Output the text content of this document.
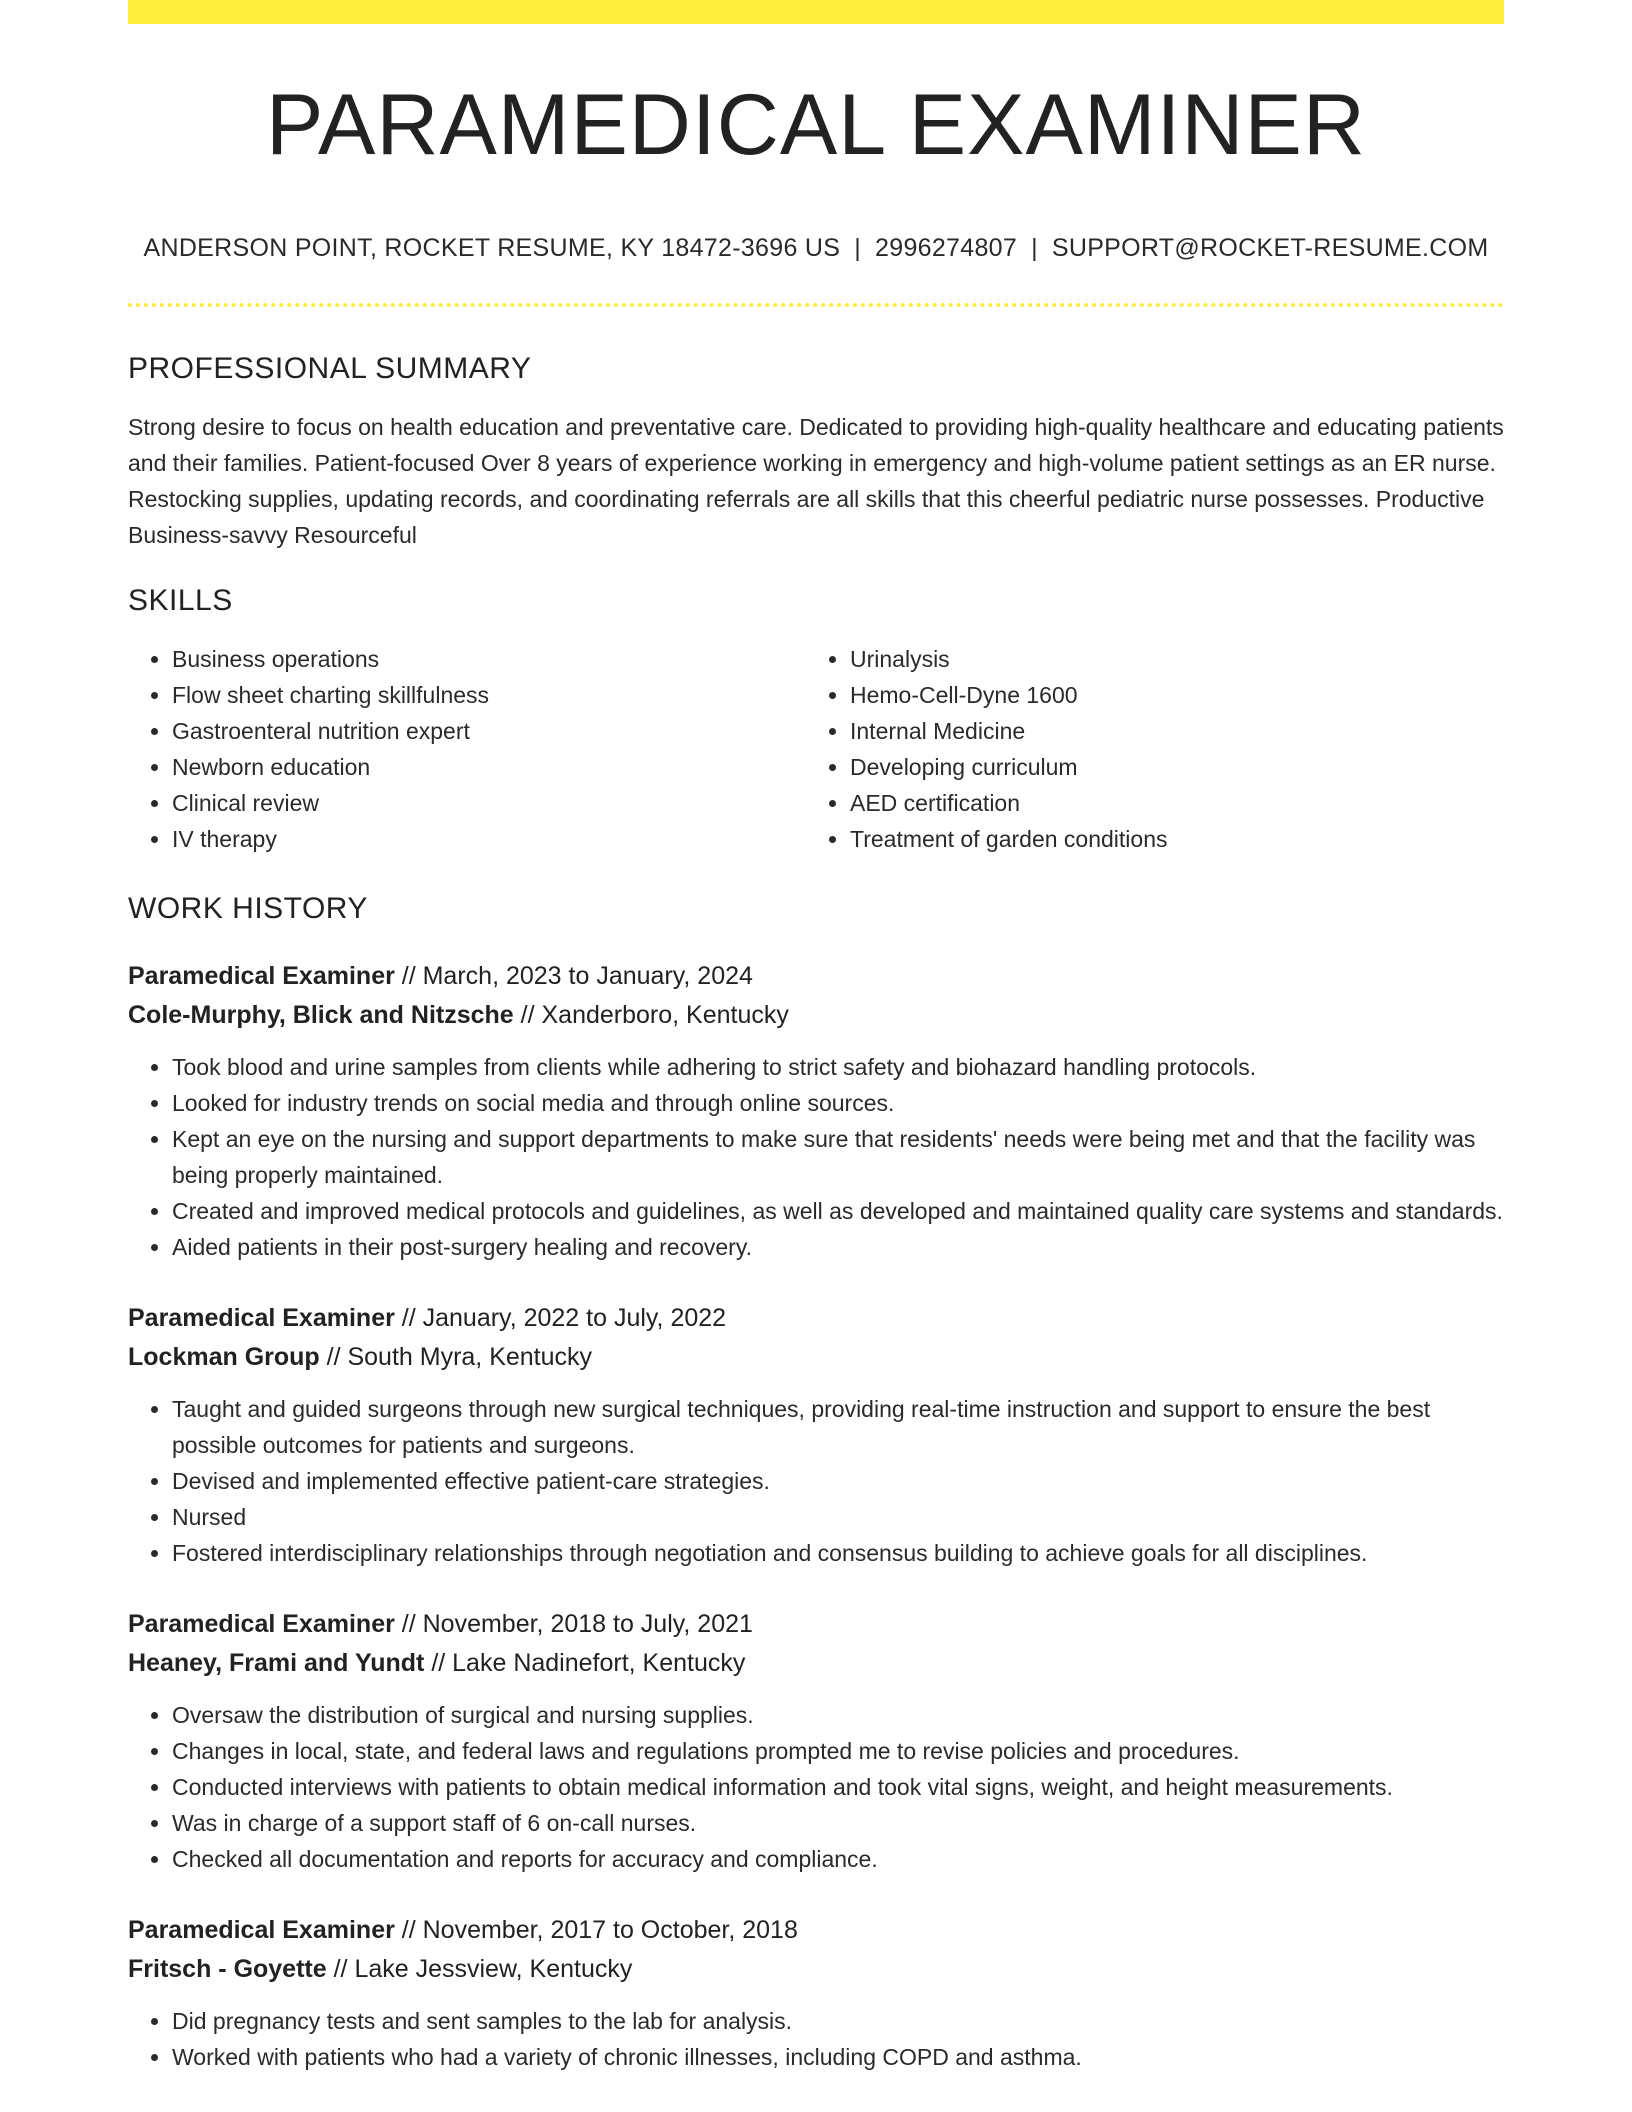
PARAMEDICAL EXAMINER
ANDERSON POINT, ROCKET RESUME, KY 18472-3696 US | 2996274807 | SUPPORT@ROCKET-RESUME.COM
PROFESSIONAL SUMMARY

Strong desire to focus on health education and preventative care. Dedicated to providing high-quality healthcare and educating patients and their families. Patient-focused Over 8 years of experience working in emergency and high-volume patient settings as an ER nurse. Restocking supplies, updating records, and coordinating referrals are all skills that this cheerful pediatric nurse possesses. Productive Business-savvy Resourceful

SKILLS
• Business operations
• Flow sheet charting skillfulness
• Gastroenteral nutrition expert
• Newborn education
• Clinical review
• IV therapy
• Urinalysis
• Hemo-Cell-Dyne 1600
• Internal Medicine
• Developing curriculum
• AED certification
• Treatment of garden conditions
WORK HISTORY
Paramedical Examiner // March, 2023 to January, 2024
Cole-Murphy, Blick and Nitzsche // Xanderboro, Kentucky
• Took blood and urine samples from clients while adhering to strict safety and biohazard handling protocols.
• Looked for industry trends on social media and through online sources.
• Kept an eye on the nursing and support departments to make sure that residents' needs were being met and that the facility was being properly maintained.
• Created and improved medical protocols and guidelines, as well as developed and maintained quality care systems and standards.
• Aided patients in their post-surgery healing and recovery.
Paramedical Examiner // January, 2022 to July, 2022
Lockman Group // South Myra, Kentucky
• Taught and guided surgeons through new surgical techniques, providing real-time instruction and support to ensure the best possible outcomes for patients and surgeons.
• Devised and implemented effective patient-care strategies.
• Nursed
• Fostered interdisciplinary relationships through negotiation and consensus building to achieve goals for all disciplines.
Paramedical Examiner // November, 2018 to July, 2021
Heaney, Frami and Yundt // Lake Nadinefort, Kentucky
• Oversaw the distribution of surgical and nursing supplies.
• Changes in local, state, and federal laws and regulations prompted me to revise policies and procedures.
• Conducted interviews with patients to obtain medical information and took vital signs, weight, and height measurements.
• Was in charge of a support staff of 6 on-call nurses.
• Checked all documentation and reports for accuracy and compliance.
Paramedical Examiner // November, 2017 to October, 2018
Fritsch - Goyette // Lake Jessview, Kentucky
• Did pregnancy tests and sent samples to the lab for analysis.
• Worked with patients who had a variety of chronic illnesses, including COPD and asthma.
